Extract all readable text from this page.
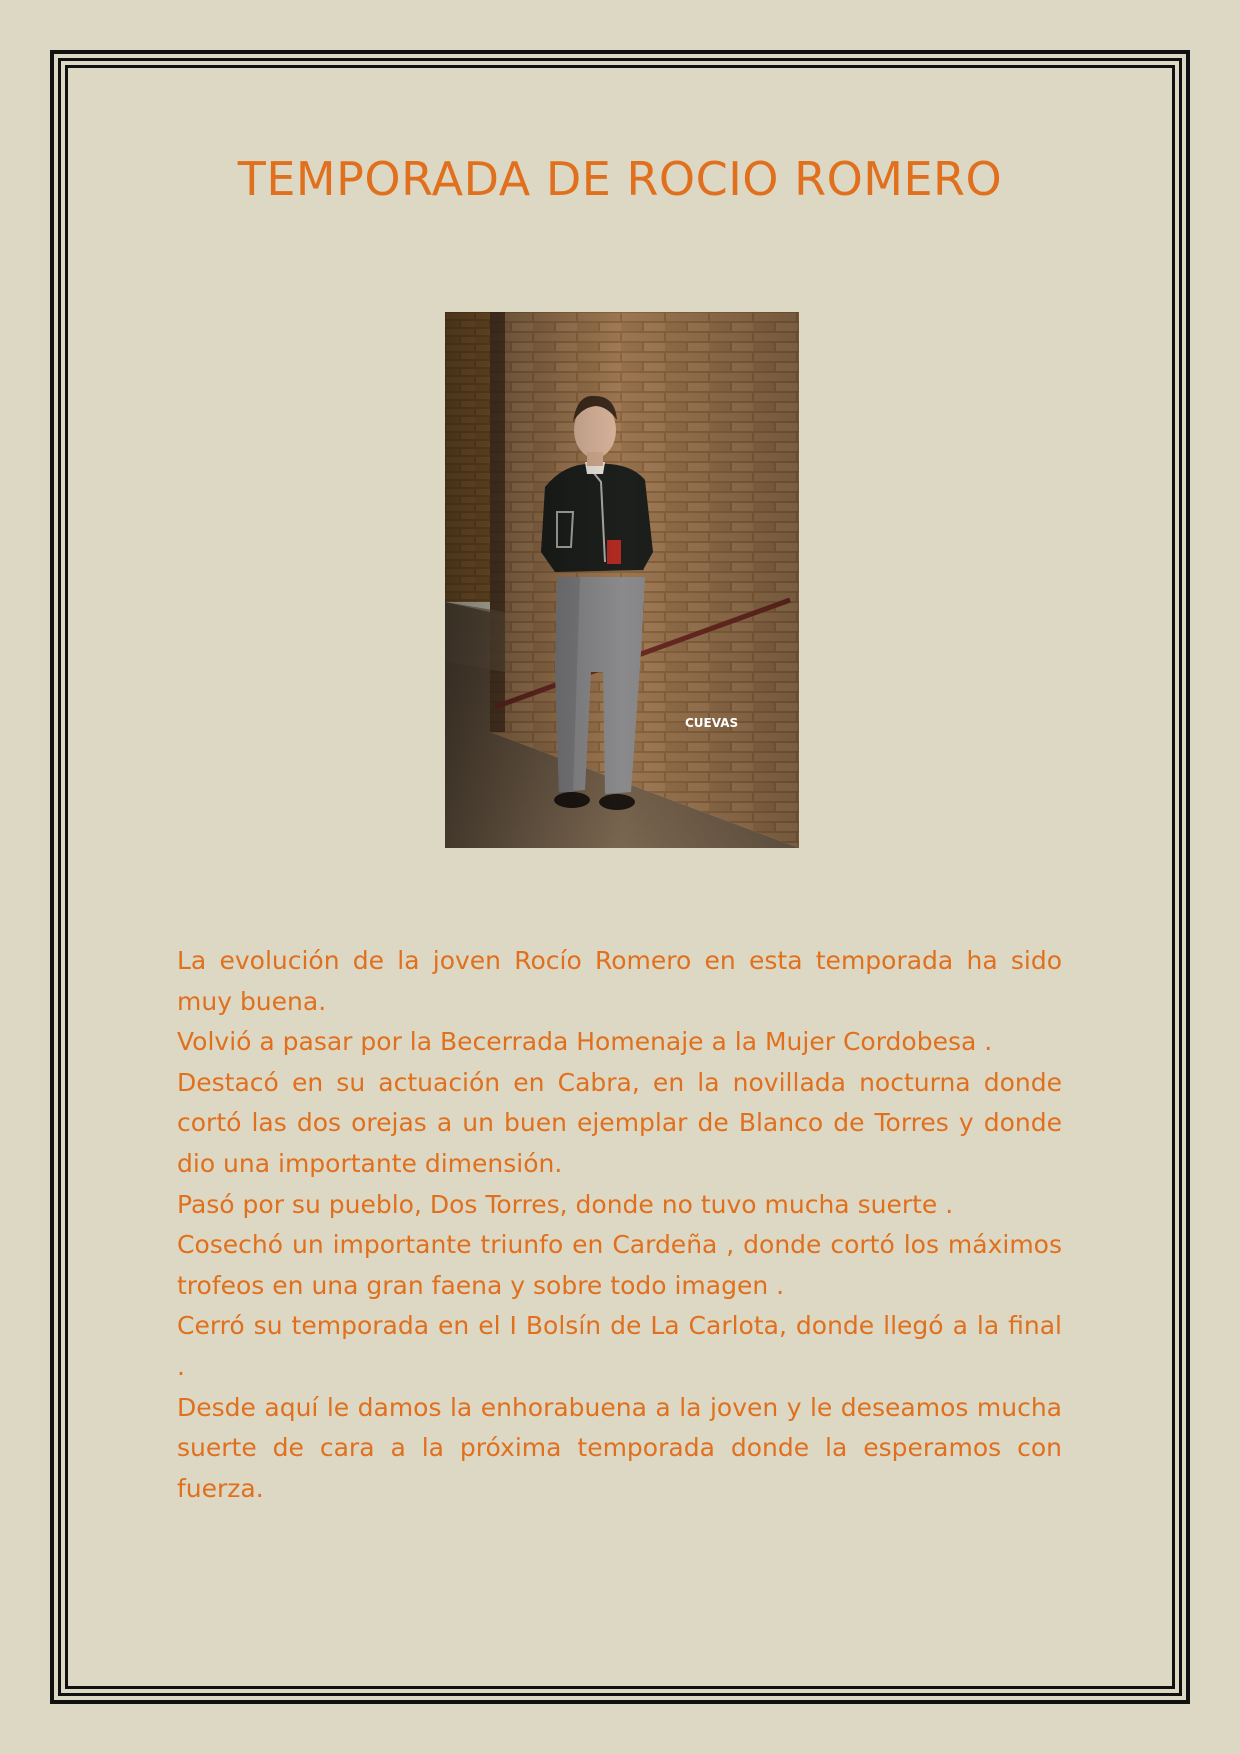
TEMPORADA DE ROCIO ROMERO
CUEVAS

La evolución de la joven Rocío Romero en esta temporada ha sido muy buena.

Volvió a pasar por la Becerrada Homenaje a la Mujer Cordobesa .

Destacó en su actuación en Cabra, en la novillada nocturna donde cortó las dos orejas a un buen ejemplar de Blanco de Torres y donde dio una importante dimensión.

Pasó por su pueblo, Dos Torres, donde no tuvo mucha suerte .

Cosechó un importante triunfo en Cardeña , donde cortó los máximos trofeos en una gran faena y sobre todo imagen .

Cerró su temporada en el I Bolsín de La Carlota, donde llegó a la final .

Desde aquí le damos la enhorabuena a la joven y le deseamos mucha suerte de cara a la próxima temporada donde la esperamos con fuerza.
